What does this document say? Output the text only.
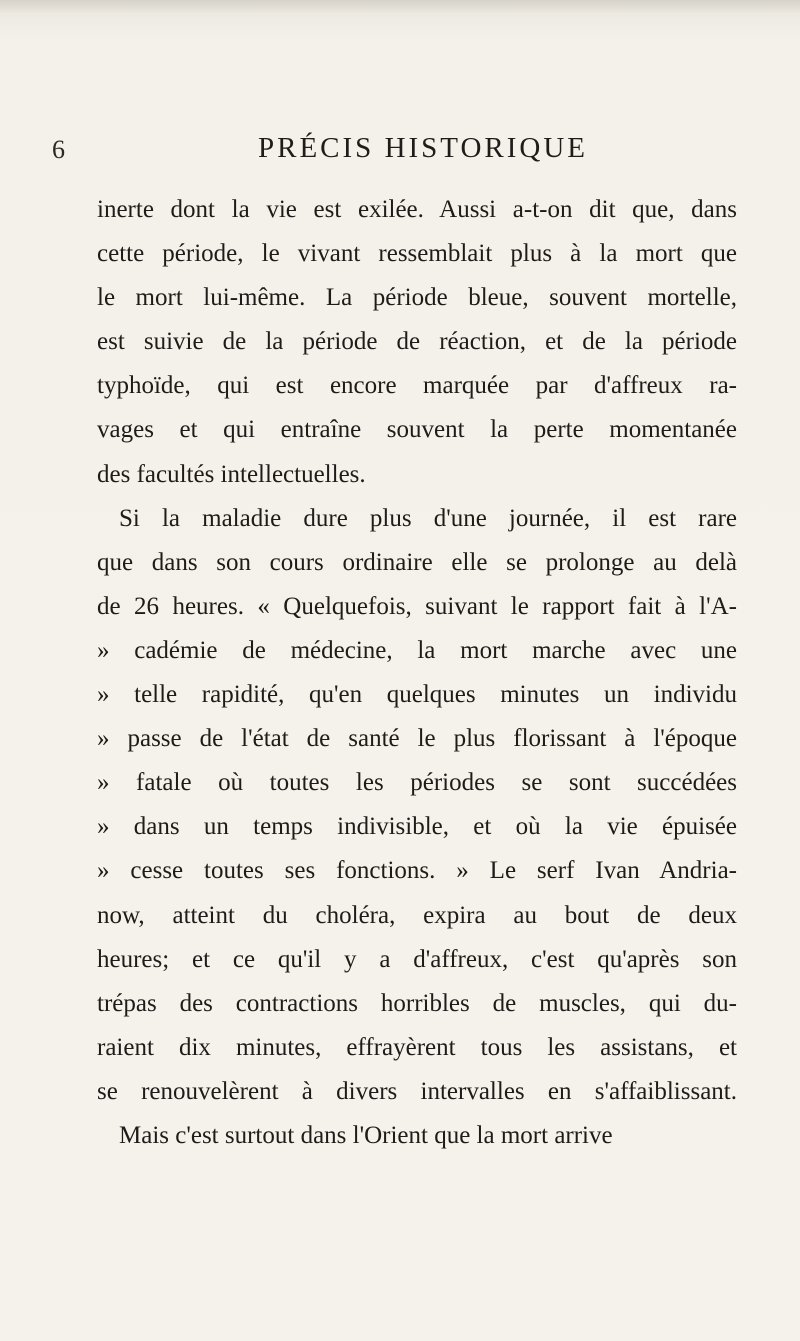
6	PRÉCIS HISTORIQUE
inerte dont la vie est exilée. Aussi a-t-on dit que, dans
cette période, le vivant ressemblait plus à la mort que
le mort lui-même. La période bleue, souvent mortelle,
est suivie de la période de réaction, et de la période
typhoïde, qui est encore marquée par d'affreux ra-
vages et qui entraîne souvent la perte momentanée
des facultés intellectuelles.
Si la maladie dure plus d'une journée, il est rare
que dans son cours ordinaire elle se prolonge au delà
de 26 heures. « Quelquefois, suivant le rapport fait à l'A-
» cadémie de médecine, la mort marche avec une
» telle rapidité, qu'en quelques minutes un individu
» passe de l'état de santé le plus florissant à l'époque
» fatale où toutes les périodes se sont succédées
» dans un temps indivisible, et où la vie épuisée
» cesse toutes ses fonctions. » Le serf Ivan Andria-
now, atteint du choléra, expira au bout de deux
heures; et ce qu'il y a d'affreux, c'est qu'après son
trépas des contractions horribles de muscles, qui du-
raient dix minutes, effrayèrent tous les assistans, et
se renouvelèrent à divers intervalles en s'affaiblissant.
Mais c'est surtout dans l'Orient que la mort arrive
